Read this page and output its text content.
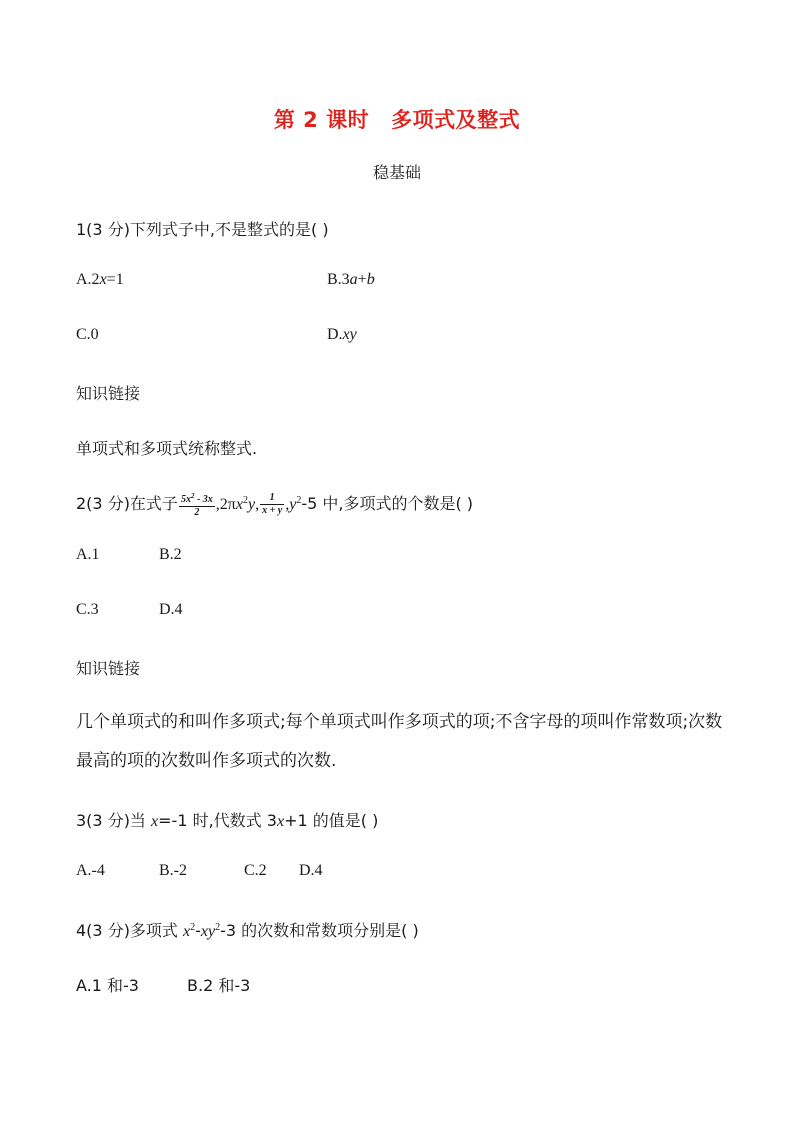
第 2 课时 多项式及整式
稳基础
1(3 分)下列式子中,不是整式的是( )
A.2x=1	B.3a+b
C.0	D.xy
知识链接
单项式和多项式统称整式.
2(3 分)在式子 $\frac{5x^2 - 3x}{2} ,2\pi x^2y$, $\frac{1}{x + y} ,y^2-5$ 中,多项式的个数是( )
A.1	B.2
C.3	D.4
知识链接
几个单项式的和叫作多项式;每个单项式叫作多项式的项;不含字母的项叫作常数项;次数最高的项的次数叫作多项式的次数.
3(3 分)当 x=-1 时,代数式 3x+1 的值是( )
A.-4	B.-2	C.2 D.4
4(3 分)多项式 $x^2-xy^2-3$ 的次数和常数项分别是( )
A.1 和-3	B.2 和-3
